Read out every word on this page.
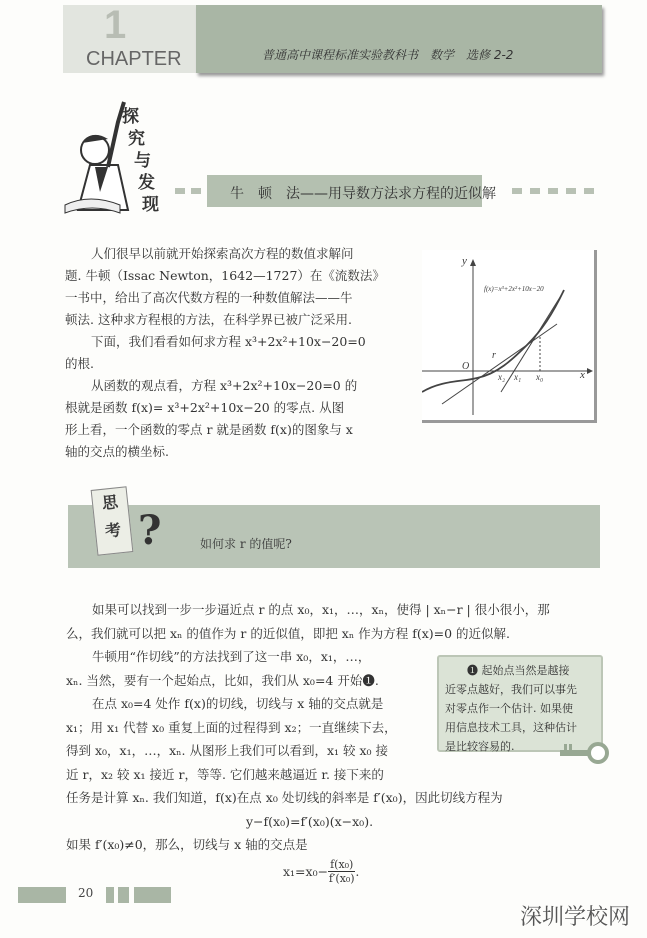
1
CHAPTER	普通高中课程标准实验教科书　数学　选修 2-2
探
究
与
发
现
牛　顿　法——用导数方法求方程的近似解
人们很早以前就开始探索高次方程的数值求解问
题. 牛顿（Issac Newton，1642—1727）在《流数法》
一书中，给出了高次代数方程的一种数值解法——牛
顿法. 这种求方程根的方法，在科学界已被广泛采用.
下面，我们看看如何求方程 x³+2x²+10x−20=0
的根.
从函数的观点看，方程 x³+2x²+10x−20=0 的
根就是函数 f(x)= x³+2x²+10x−20 的零点. 从图
形上看，一个函数的零点 r 就是函数 f(x)的图象与 x
轴的交点的横坐标.
y
x
O
f(x)=x³+2x²+10x−20
r
x₂ x₁ x₀
思
考 ?	如何求 r 的值呢?
如果可以找到一步一步逼近点 r 的点 x₀，x₁，…，xₙ，使得 | xₙ−r | 很小很小，那
么，我们就可以把 xₙ 的值作为 r 的近似值，即把 xₙ 作为方程 f(x)=0 的近似解.
牛顿用“作切线”的方法找到了这一串 x₀，x₁，…，
xₙ. 当然，要有一个起始点，比如，我们从 x₀=4 开始❶.
在点 x₀=4 处作 f(x)的切线，切线与 x 轴的交点就是
x₁；用 x₁ 代替 x₀ 重复上面的过程得到 x₂；一直继续下去，
得到 x₀，x₁，…，xₙ. 从图形上我们可以看到，x₁ 较 x₀ 接
近 r，x₂ 较 x₁ 接近 r，等等. 它们越来越逼近 r. 接下来的
任务是计算 xₙ. 我们知道，f(x)在点 x₀ 处切线的斜率是 f′(x₀)，因此切线方程为
y−f(x₀)=f′(x₀)(x−x₀).
如果 f′(x₀)≠0，那么，切线与 x 轴的交点是
$x_1=x_0- \frac{\text{f(x₀)}}{\text{f′(x₀)}}$ .
❶ 起始点当然是越接
近零点越好，我们可以事先
对零点作一个估计. 如果使
用信息技术工具，这种估计
是比较容易的.
20
深圳学校网
